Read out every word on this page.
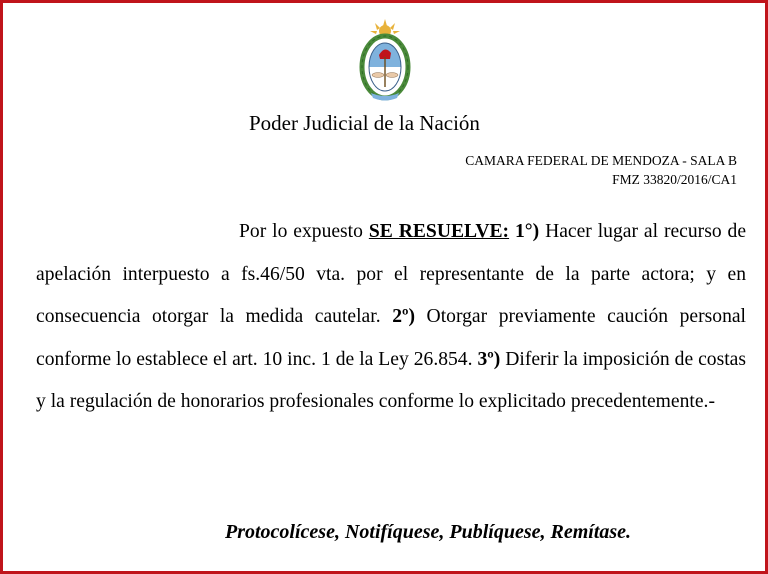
Poder Judicial de la Nación
CAMARA FEDERAL DE MENDOZA - SALA B
FMZ 33820/2016/CA1
Por lo expuesto SE RESUELVE: 1°) Hacer lugar al recurso de apelación interpuesto a fs.46/50 vta. por el representante de la parte actora; y en consecuencia otorgar la medida cautelar. 2º) Otorgar previamente caución personal conforme lo establece el art. 10 inc. 1 de la Ley 26.854. 3º) Diferir la imposición de costas y la regulación de honorarios profesionales conforme lo explicitado precedentemente.-
Protocolícese, Notifíquese, Publíquese, Remítase.
